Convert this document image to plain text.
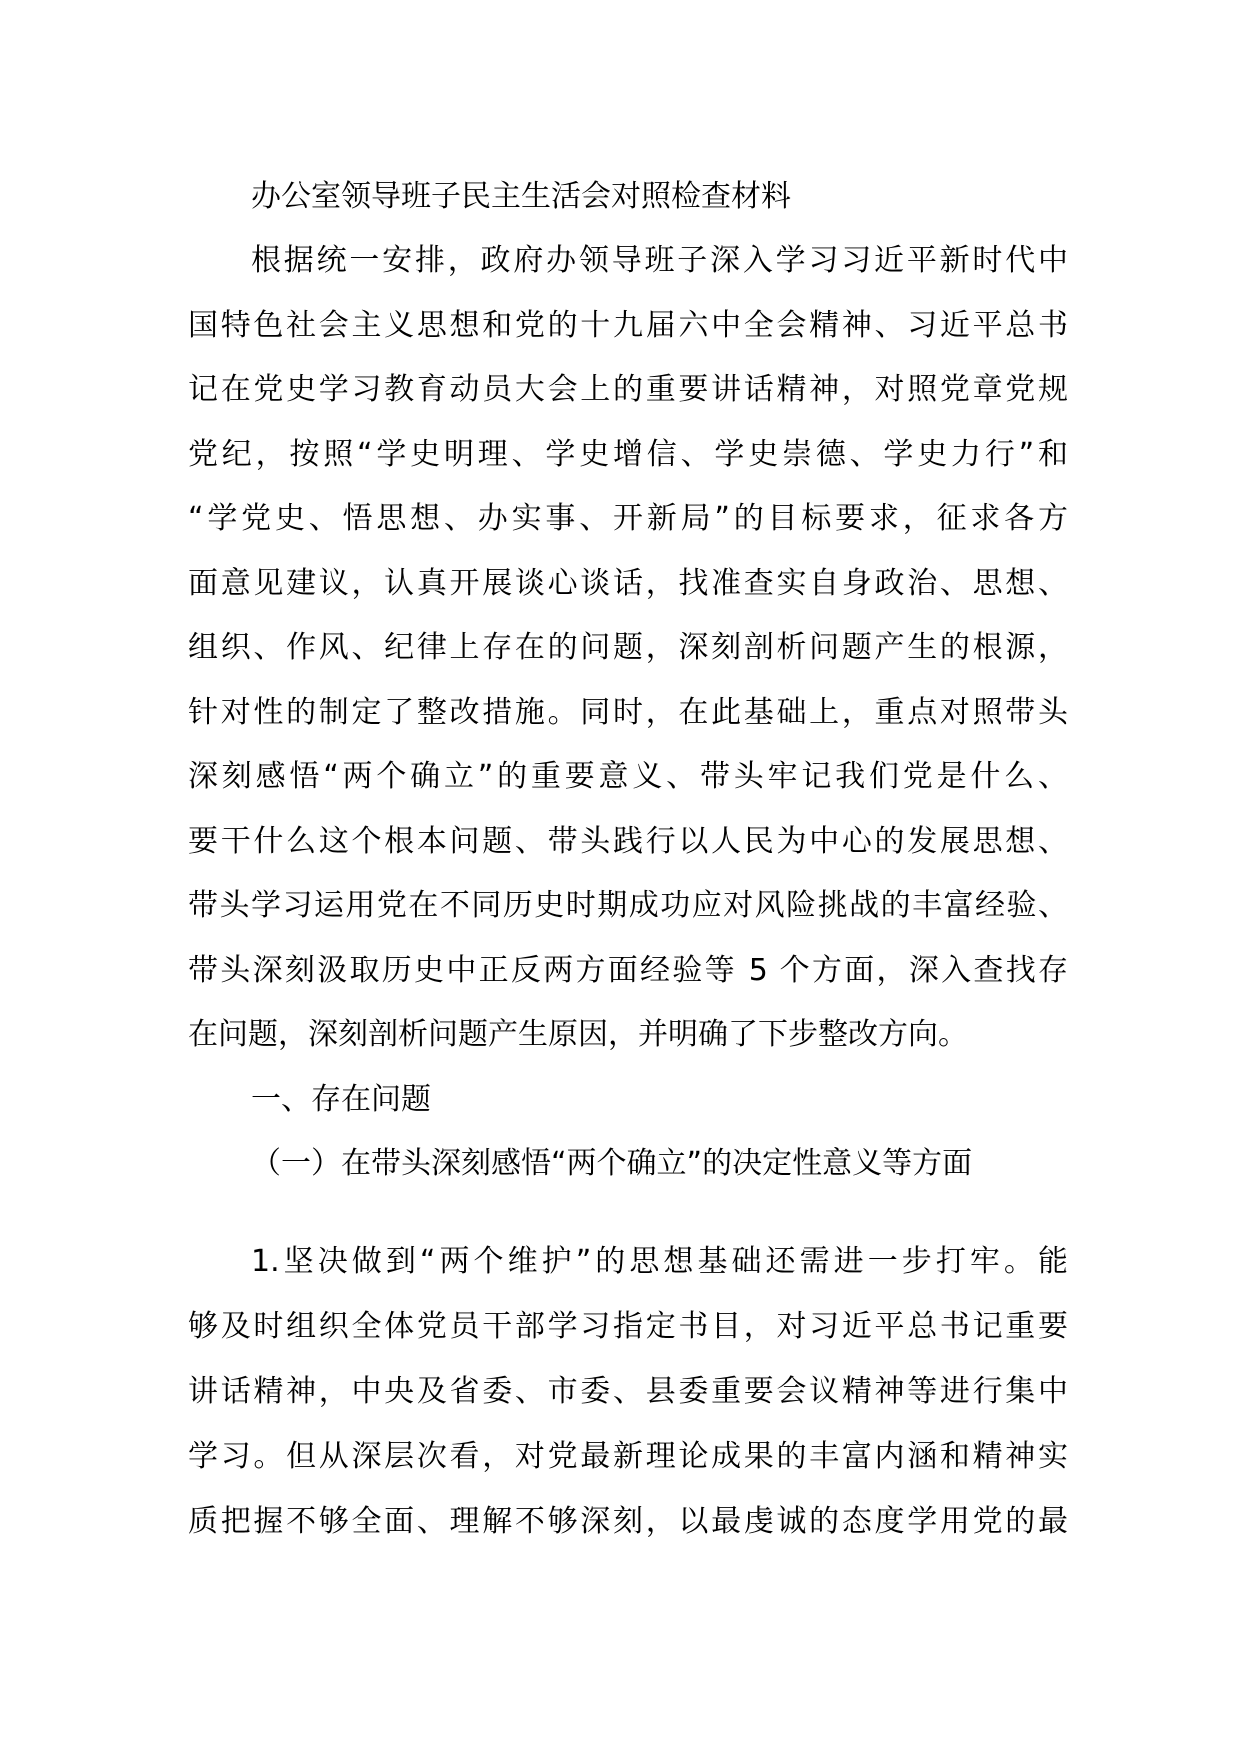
办公室领导班子民主生活会对照检查材料
根据统一安排，政府办领导班子深入学习习近平新时代中
国特色社会主义思想和党的十九届六中全会精神、习近平总书
记在党史学习教育动员大会上的重要讲话精神，对照党章党规
党纪，按照“学史明理、学史增信、学史崇德、学史力行”和
“学党史、悟思想、办实事、开新局”的目标要求，征求各方
面意见建议，认真开展谈心谈话，找准查实自身政治、思想、
组织、作风、纪律上存在的问题，深刻剖析问题产生的根源，
针对性的制定了整改措施。同时，在此基础上，重点对照带头
深刻感悟“两个确立”的重要意义、带头牢记我们党是什么、
要干什么这个根本问题、带头践行以人民为中心的发展思想、
带头学习运用党在不同历史时期成功应对风险挑战的丰富经验、
带头深刻汲取历史中正反两方面经验等 5 个方面，深入查找存
在问题，深刻剖析问题产生原因，并明确了下步整改方向。
一、存在问题
（一）在带头深刻感悟“两个确立”的决定性意义等方面
1.坚决做到“两个维护”的思想基础还需进一步打牢。能
够及时组织全体党员干部学习指定书目，对习近平总书记重要
讲话精神，中央及省委、市委、县委重要会议精神等进行集中
学习。但从深层次看，对党最新理论成果的丰富内涵和精神实
质把握不够全面、理解不够深刻，以最虔诚的态度学用党的最
